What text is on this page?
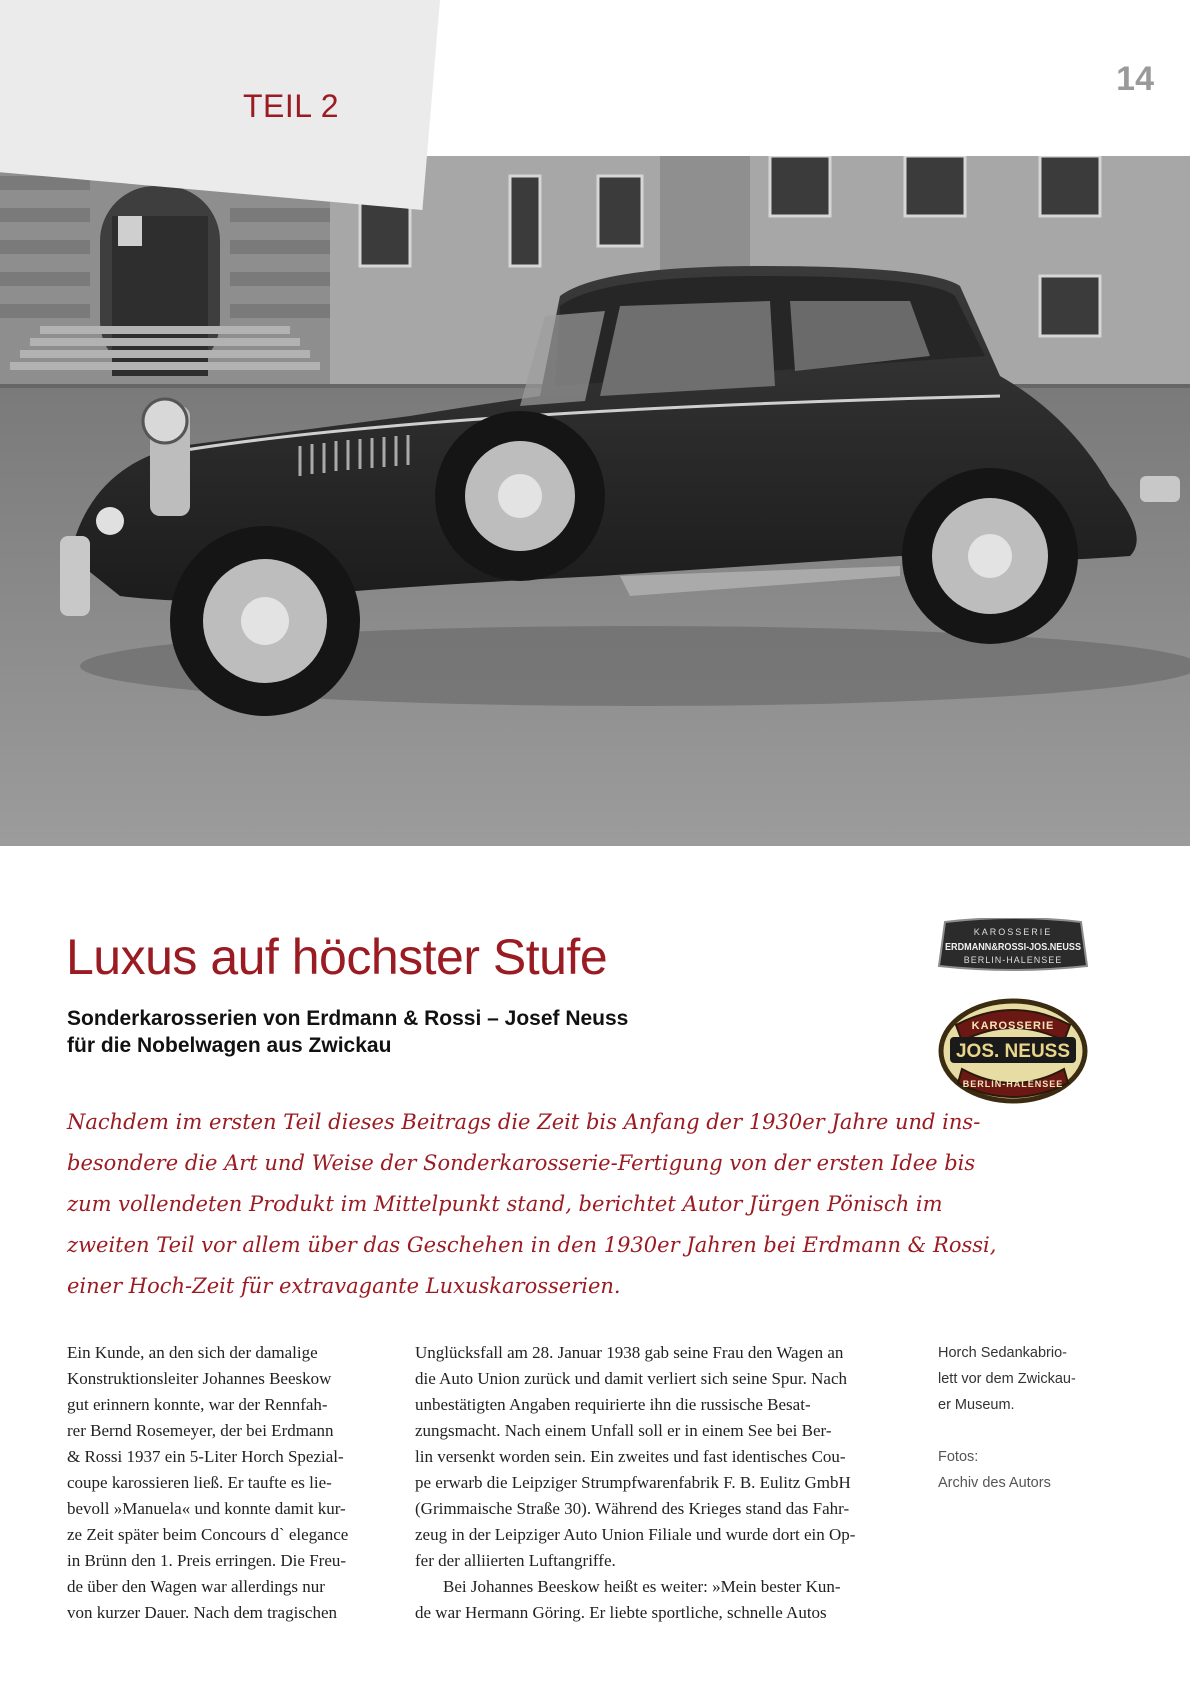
TEIL 2
14
Luxus auf höchster Stufe
Sonderkarosserien von Erdmann & Rossi – Josef Neuss
für die Nobelwagen aus Zwickau
KAROSSERIE
ERDMANN&ROSSI-JOS.NEUSS
BERLIN-HALENSEE
KAROSSERIE
JOS. NEUSS
BERLIN-HALENSEE

Nachdem im ersten Teil dieses Beitrags die Zeit bis Anfang der 1930er Jahre und ins-
besondere die Art und Weise der Sonderkarosserie-Fertigung von der ersten Idee bis
zum vollendeten Produkt im Mittelpunkt stand, berichtet Autor Jürgen Pönisch im
zweiten Teil vor allem über das Geschehen in den 1930er Jahren bei Erdmann & Rossi,
einer Hoch-Zeit für extravagante Luxuskarosserien.

Ein Kunde, an den sich der damalige
Konstruktionsleiter Johannes Beeskow
gut erinnern konnte, war der Rennfah-
rer Bernd Rosemeyer, der bei Erdmann
& Rossi 1937 ein 5-Liter Horch Spezial-
coupe karossieren ließ. Er taufte es lie-
bevoll »Manuela« und konnte damit kur-
ze Zeit später beim Concours d` elegance
in Brünn den 1. Preis erringen. Die Freu-
de über den Wagen war allerdings nur
von kurzer Dauer. Nach dem tragischen

Unglücksfall am 28. Januar 1938 gab seine Frau den Wagen an
die Auto Union zurück und damit verliert sich seine Spur. Nach
unbestätigten Angaben requirierte ihn die russische Besat-
zungsmacht. Nach einem Unfall soll er in einem See bei Ber-
lin versenkt worden sein. Ein zweites und fast identisches Cou-
pe erwarb die Leipziger Strumpfwarenfabrik F. B. Eulitz GmbH
(Grimmaische Straße 30). Während des Krieges stand das Fahr-
zeug in der Leipziger Auto Union Filiale und wurde dort ein Op-
fer der alliierten Luftangriffe.
Bei Johannes Beeskow heißt es weiter: »Mein bester Kun-
de war Hermann Göring. Er liebte sportliche, schnelle Autos

Horch Sedankabrio-
lett vor dem Zwickau-
er Museum.
Fotos:
Archiv des Autors
